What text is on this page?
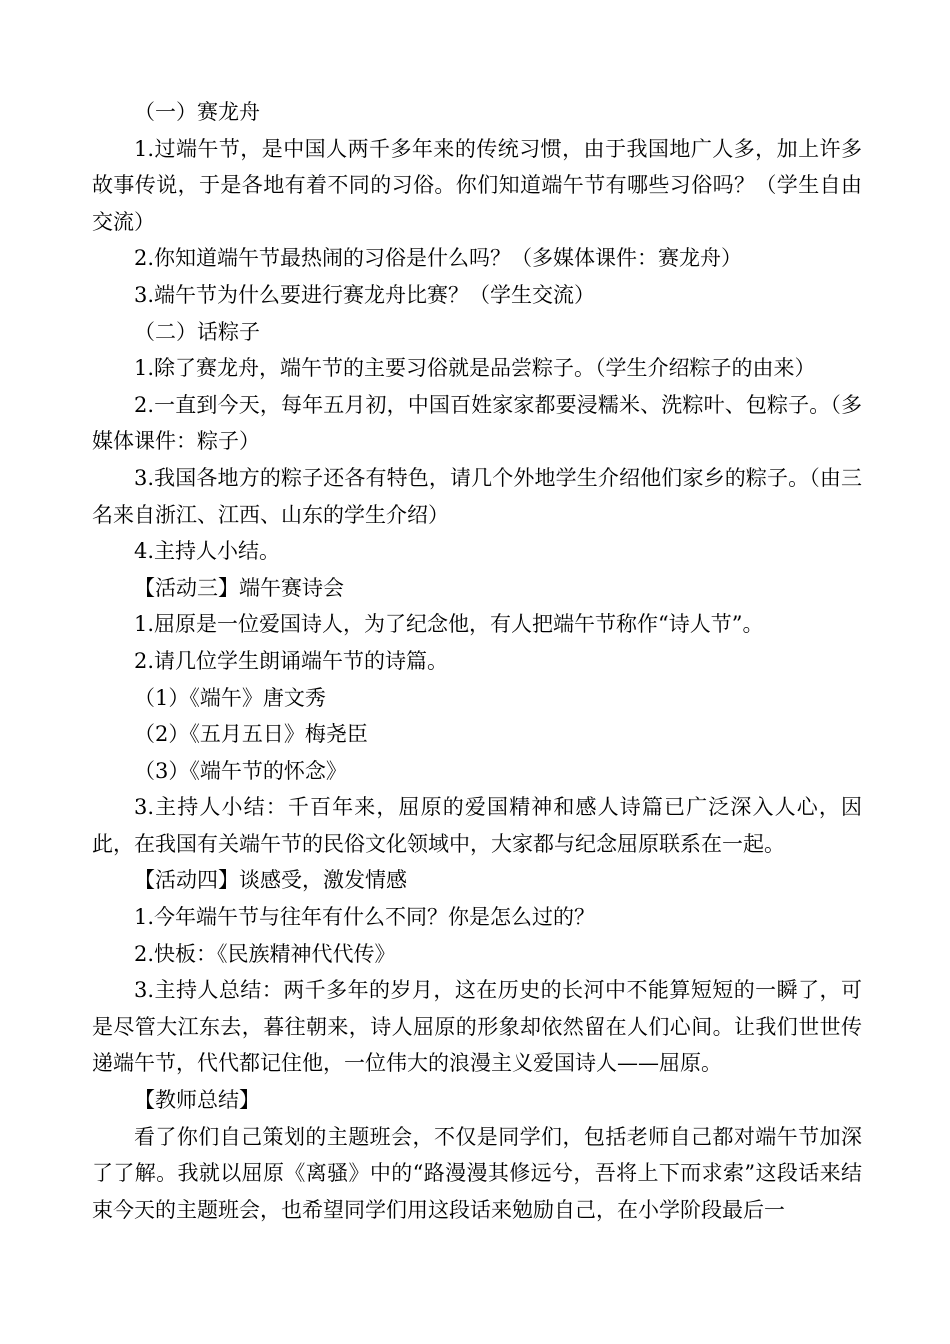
（一）赛龙舟

1.过端午节，是中国人两千多年来的传统习惯，由于我国地广人多，加上许多故事传说，于是各地有着不同的习俗。你们知道端午节有哪些习俗吗？（学生自由交流）

2.你知道端午节最热闹的习俗是什么吗？（多媒体课件：赛龙舟）

3.端午节为什么要进行赛龙舟比赛？（学生交流）

（二）话粽子

1.除了赛龙舟，端午节的主要习俗就是品尝粽子。（学生介绍粽子的由来）

2.一直到今天，每年五月初，中国百姓家家都要浸糯米、洗粽叶、包粽子。（多媒体课件：粽子）

3.我国各地方的粽子还各有特色，请几个外地学生介绍他们家乡的粽子。（由三名来自浙江、江西、山东的学生介绍）

4.主持人小结。

【活动三】端午赛诗会

1.屈原是一位爱国诗人，为了纪念他，有人把端午节称作“诗人节”。

2.请几位学生朗诵端午节的诗篇。

（1）《端午》唐文秀

（2）《五月五日》梅尧臣

（3）《端午节的怀念》

3.主持人小结：千百年来，屈原的爱国精神和感人诗篇已广泛深入人心，因此，在我国有关端午节的民俗文化领域中，大家都与纪念屈原联系在一起。

【活动四】谈感受，激发情感

1.今年端午节与往年有什么不同？你是怎么过的？

2.快板：《民族精神代代传》

3.主持人总结：两千多年的岁月，这在历史的长河中不能算短短的一瞬了，可是尽管大江东去，暮往朝来，诗人屈原的形象却依然留在人们心间。让我们世世传递端午节，代代都记住他，一位伟大的浪漫主义爱国诗人——屈原。

【教师总结】

看了你们自己策划的主题班会，不仅是同学们，包括老师自己都对端午节加深了了解。我就以屈原《离骚》中的“路漫漫其修远兮，吾将上下而求索”这段话来结束今天的主题班会，也希望同学们用这段话来勉励自己，在小学阶段最后一
